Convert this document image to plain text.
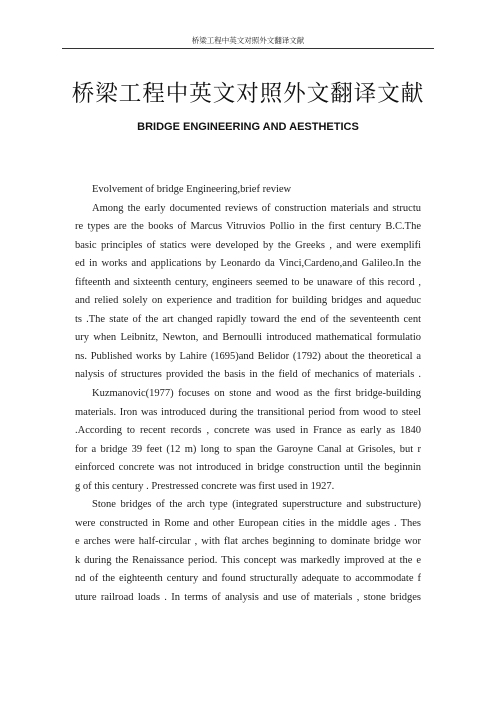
桥梁工程中英文对照外文翻译文献
桥梁工程中英文对照外文翻译文献
BRIDGE ENGINEERING AND AESTHETICS
Evolvement of bridge Engineering,brief review
Among the early documented reviews of construction materials and structu
re types are the books of Marcus Vitruvios Pollio in the first century B.C.The
basic principles of statics were developed by the Greeks , and were exemplifi
ed in works and applications by Leonardo da Vinci,Cardeno,and Galileo.In the
fifteenth and sixteenth century, engineers seemed to be unaware of this record ,
and relied solely on experience and tradition for building bridges and aqueduc
ts .The state of the art changed rapidly toward the end of the seventeenth cent
ury when Leibnitz, Newton, and Bernoulli introduced mathematical formulatio
ns. Published works by Lahire (1695)and Belidor (1792) about the theoretical a
nalysis of structures provided the basis in the field of mechanics of materials .
Kuzmanovic(1977) focuses on stone and wood as the first bridge-building
materials. Iron was introduced during the transitional period from wood to steel
.According to recent records , concrete was used in France as early as 1840
for a bridge 39 feet (12 m) long to span the Garoyne Canal at Grisoles, but r
einforced concrete was not introduced in bridge construction until the beginnin
g of this century . Prestressed concrete was first used in 1927.
Stone bridges of the arch type (integrated superstructure and substructure)
were constructed in Rome and other European cities in the middle ages . Thes
e arches were half-circular , with flat arches beginning to dominate bridge wor
k during the Renaissance period. This concept was markedly improved at the e
nd of the eighteenth century and found structurally adequate to accommodate f
uture railroad loads . In terms of analysis and use of materials , stone bridges
